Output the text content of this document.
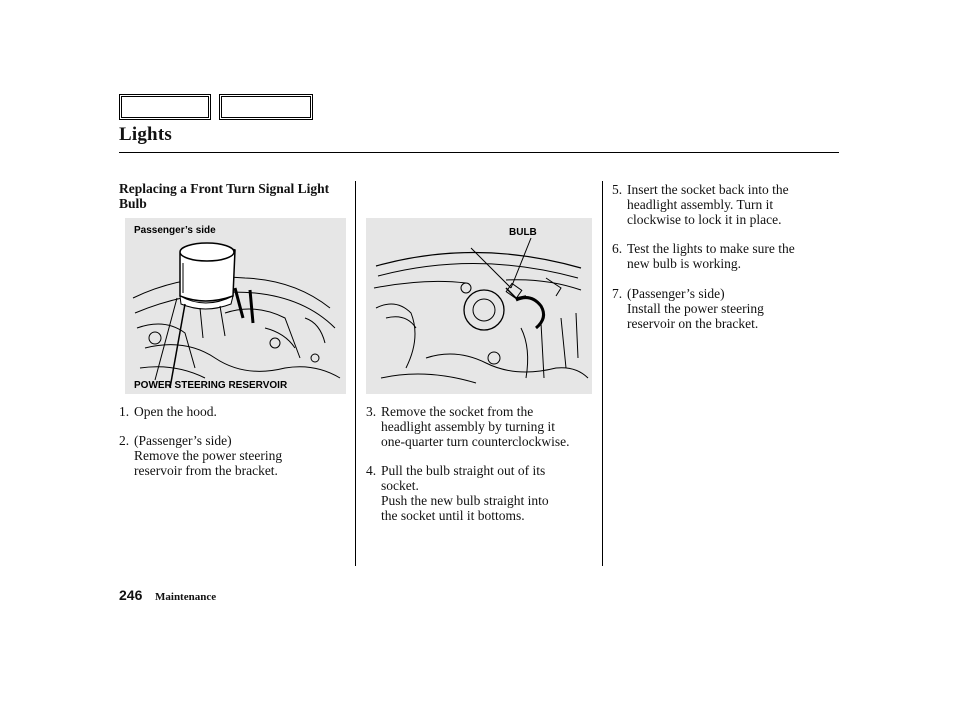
Lights
Replacing a Front Turn Signal Light Bulb
Passenger’s side
POWER STEERING RESERVOIR
1. Open the hood.
2. (Passenger’s side)
Remove the power steering
reservoir from the bracket.
BULB
3. Remove the socket from the
headlight assembly by turning it
one-quarter turn counterclockwise.
4. Pull the bulb straight out of its
socket.
Push the new bulb straight into
the socket until it bottoms.
5. Insert the socket back into the
headlight assembly. Turn it
clockwise to lock it in place.
6. Test the lights to make sure the
new bulb is working.
7. (Passenger’s side)
Install the power steering
reservoir on the bracket.
246 Maintenance
